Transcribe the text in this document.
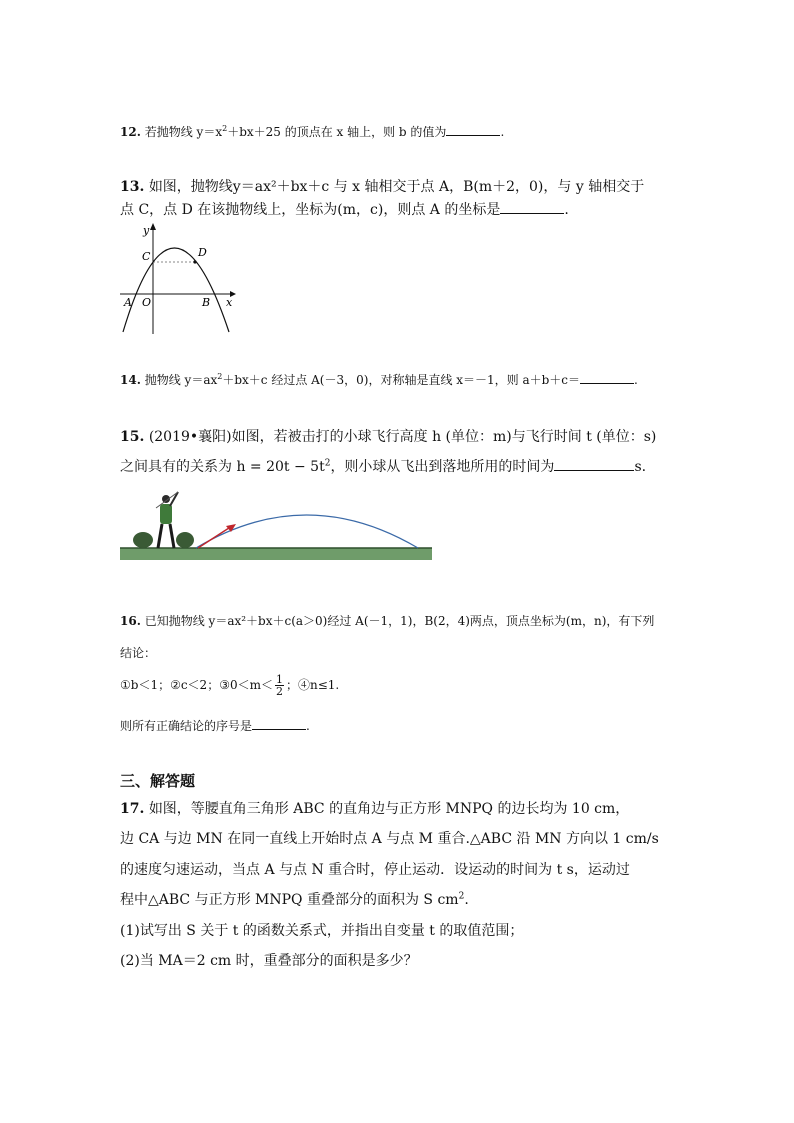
12. 若抛物线 $y=x^2+bx+25$ 的顶点在 x 轴上，则 b 的值为	.
13. 如图，抛物线y＝ax²＋bx＋c 与 x 轴相交于点 A，B(m＋2，0)，与 y 轴相交于
点 C，点 D 在该抛物线上，坐标为(m，c)，则点 A 的坐标是	.
y
x
O
A	B
C	D
14. 抛物线 $y=ax^2+bx+c$ 经过点 A(－3，0)，对称轴是直线 x＝－1，则 a＋b＋c＝	.
15. (2019•襄阳)如图，若被击打的小球飞行高度 h (单位：m)与飞行时间 t (单位：s)
之间具有的关系为 $h = 20t - 5t^2$，则小球从飞出到落地所用的时间为	s.
16. 已知抛物线 y＝ax²＋bx＋c(a＞0)经过 A(－1，1)，B(2，4)两点，顶点坐标为(m，n)，有下列
结论：
①b＜1；②c＜2；③0＜m＜ $\frac{1}{2}$ ；④n≤1.
则所有正确结论的序号是	.
三、解答题
17. 如图，等腰直角三角形 ABC 的直角边与正方形 MNPQ 的边长均为 10 cm，
边 CA 与边 MN 在同一直线上开始时点 A 与点 M 重合.△ABC 沿 MN 方向以 1 cm/s
的速度匀速运动，当点 A 与点 N 重合时，停止运动．设运动的时间为 t s，运动过
程中△ABC 与正方形 MNPQ 重叠部分的面积为 S $cm^2$.
(1)试写出 S 关于 t 的函数关系式，并指出自变量 t 的取值范围；
(2)当 MA＝2 cm 时，重叠部分的面积是多少？
